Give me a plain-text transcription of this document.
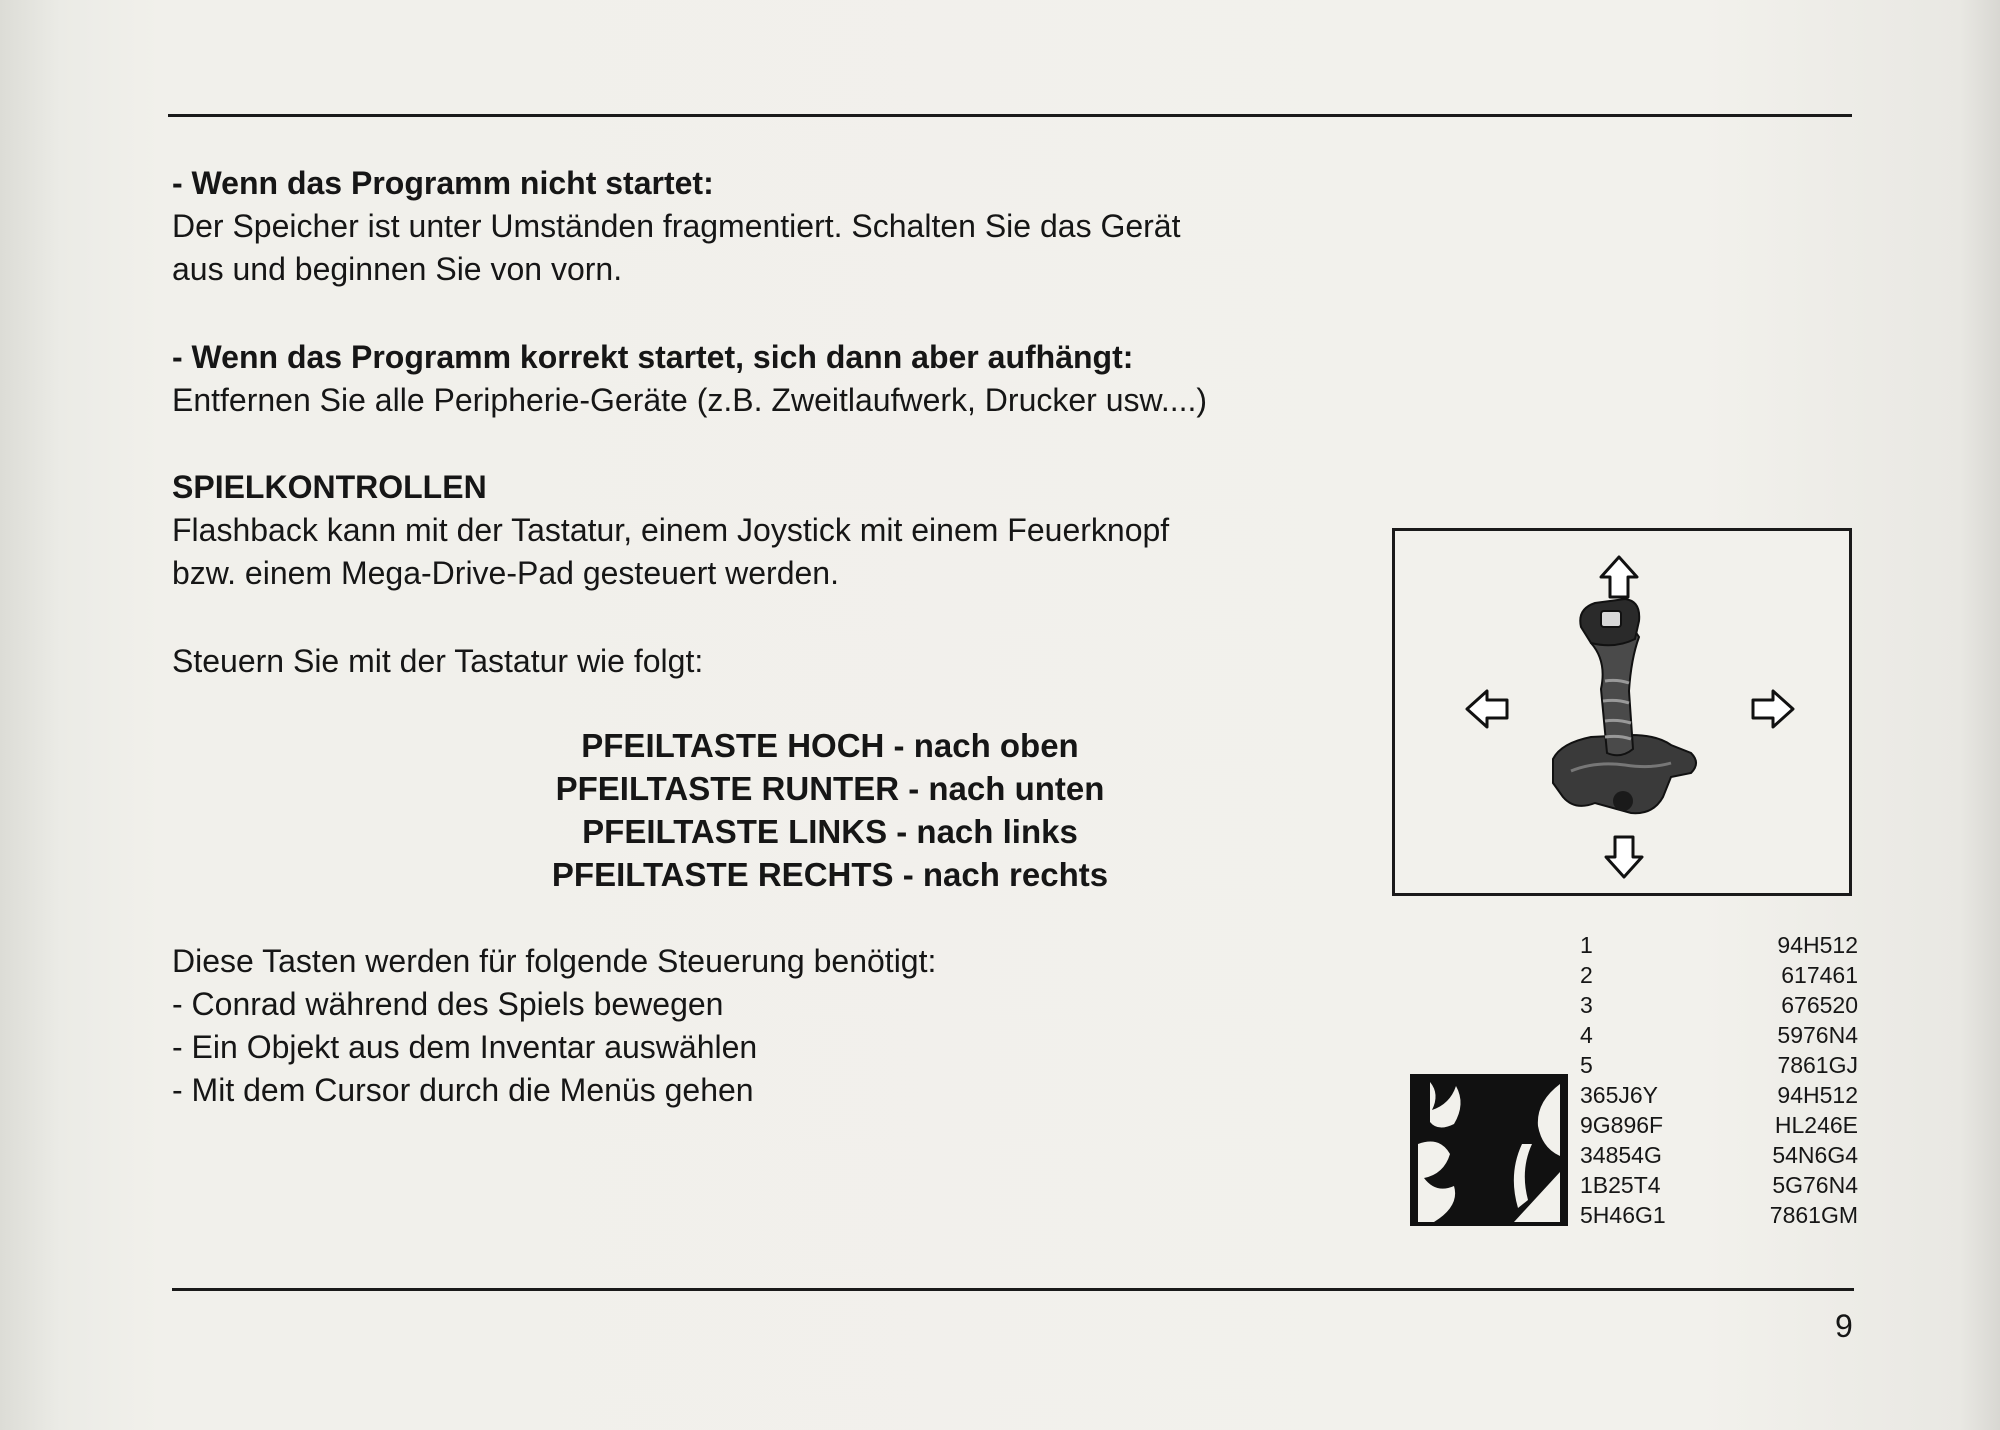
- Wenn das Programm nicht startet:

Der Speicher ist unter Umständen fragmentiert. Schalten Sie das Gerät

aus und beginnen Sie von vorn.

- Wenn das Programm korrekt startet, sich dann aber aufhängt:

Entfernen Sie alle Peripherie-Geräte (z.B. Zweitlaufwerk, Drucker usw....)

SPIELKONTROLLEN

Flashback kann mit der Tastatur, einem Joystick mit einem Feuerknopf

bzw. einem Mega-Drive-Pad gesteuert werden.

Steuern Sie mit der Tastatur wie folgt:

PFEILTASTE HOCH - nach oben

PFEILTASTE RUNTER - nach unten

PFEILTASTE LINKS - nach links

PFEILTASTE RECHTS - nach rechts

Diese Tasten werden für folgende Steuerung benötigt:

- Conrad während des Spiels bewegen

- Ein Objekt aus dem Inventar auswählen

- Mit dem Cursor durch die Menüs gehen

1	94H512
2	617461
3	676520
4	5976N4
5	7861GJ
365J6Y	94H512
9G896F	HL246E
34854G	54N6G4
1B25T4	5G76N4
5H46G1	7861GM
9
